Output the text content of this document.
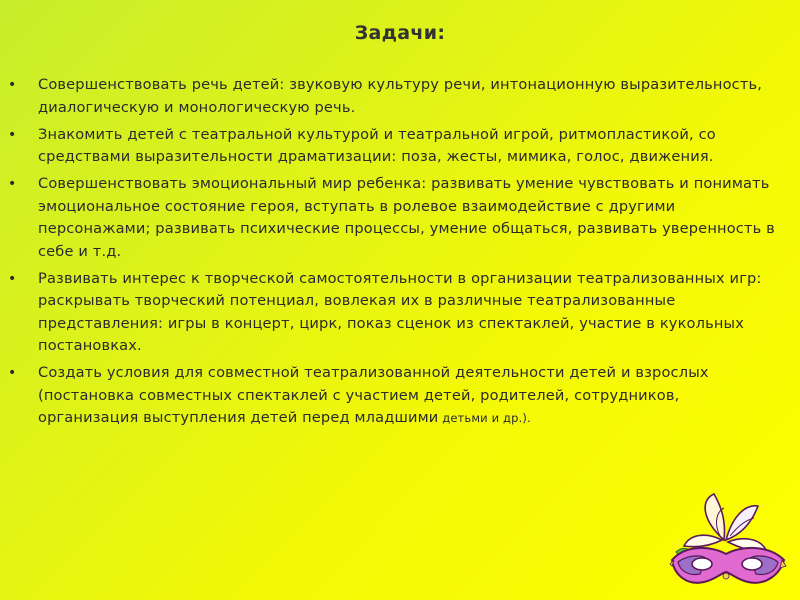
Задачи:
•	Совершенствовать речь детей: звуковую культуру речи, интонационную выразительность, диалогическую и монологическую речь.
•	Знакомить детей с театральной культурой и театральной игрой, ритмопластикой, со средствами выразительности драматизации: поза, жесты, мимика, голос, движения.
•	Совершенствовать эмоциональный мир ребенка: развивать умение чувствовать и понимать эмоциональное состояние героя, вступать в ролевое взаимодействие с другими персонажами; развивать психические процессы, умение общаться, развивать уверенность в себе и т.д.
•	Развивать интерес к творческой самостоятельности в организации театрализованных игр: раскрывать творческий потенциал, вовлекая их в различные театрализованные представления: игры в концерт, цирк, показ сценок из спектаклей, участие в кукольных постановках.
•	Создать условия для совместной театрализованной деятельности детей и взрослых (постановка совместных спектаклей с участием детей, родителей, сотрудников, организация выступления детей перед младшими детьми и др.).
